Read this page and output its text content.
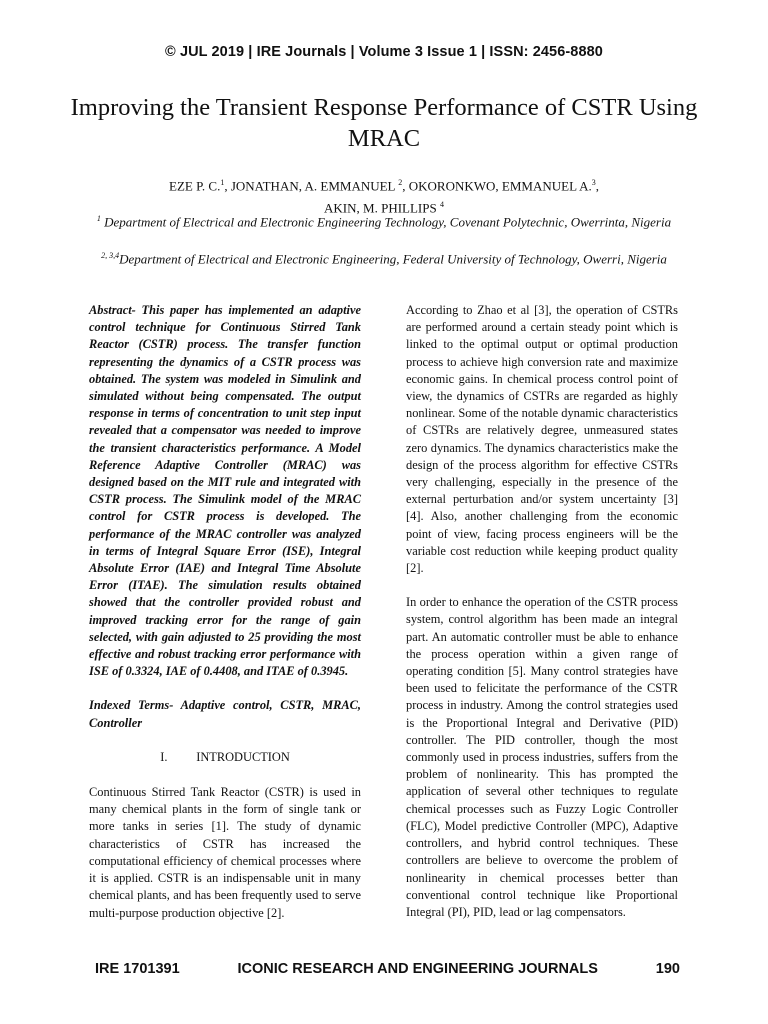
© JUL 2019 | IRE Journals | Volume 3 Issue 1 | ISSN: 2456-8880
Improving the Transient Response Performance of CSTR Using MRAC
EZE P. C.$^1$, JONATHAN, A. EMMANUEL $^2$, OKORONKWO, EMMANUEL A.$^3$,
AKIN, M. PHILLIPS $^4$
$^1$ Department of Electrical and Electronic Engineering Technology, Covenant Polytechnic, Owerrinta, Nigeria
$^{2, 3,4}$Department of Electrical and Electronic Engineering, Federal University of Technology, Owerri, Nigeria

Abstract- This paper has implemented an adaptive control technique for Continuous Stirred Tank Reactor (CSTR) process. The transfer function representing the dynamics of a CSTR process was obtained. The system was modeled in Simulink and simulated without being compensated. The output response in terms of concentration to unit step input revealed that a compensator was needed to improve the transient characteristics performance. A Model Reference Adaptive Controller (MRAC) was designed based on the MIT rule and integrated with CSTR process. The Simulink model of the MRAC control for CSTR process is developed. The performance of the MRAC controller was analyzed in terms of Integral Square Error (ISE), Integral Absolute Error (IAE) and Integral Time Absolute Error (ITAE). The simulation results obtained showed that the controller provided robust and improved tracking error for the range of gain selected, with gain adjusted to 25 providing the most effective and robust tracking error performance with ISE of 0.3324, IAE of 0.4408, and ITAE of 0.3945.

Indexed Terms- Adaptive control, CSTR, MRAC, Controller

I. INTRODUCTION

Continuous Stirred Tank Reactor (CSTR) is used in many chemical plants in the form of single tank or more tanks in series [1]. The study of dynamic characteristics of CSTR has increased the computational efficiency of chemical processes where it is applied. CSTR is an indispensable unit in many chemical plants, and has been frequently used to serve multi-purpose production objective [2].

According to Zhao et al [3], the operation of CSTRs are performed around a certain steady point which is linked to the optimal output or optimal production process to achieve high conversion rate and maximize economic gains. In chemical process control point of view, the dynamics of CSTRs are regarded as highly nonlinear. Some of the notable dynamic characteristics of CSTRs are relatively degree, unmeasured states zero dynamics. The dynamics characteristics make the design of the process algorithm for effective CSTRs very challenging, especially in the presence of the external perturbation and/or system uncertainty [3] [4]. Also, another challenging from the economic point of view, facing process engineers will be the variable cost reduction while keeping product quality [2].

In order to enhance the operation of the CSTR process system, control algorithm has been made an integral part. An automatic controller must be able to enhance the process operation within a given range of operating condition [5]. Many control strategies have been used to felicitate the performance of the CSTR process in industry. Among the control strategies used is the Proportional Integral and Derivative (PID) controller. The PID controller, though the most commonly used in process industries, suffers from the problem of nonlinearity. This has prompted the application of several other techniques to regulate chemical processes such as Fuzzy Logic Controller (FLC), Model predictive Controller (MPC), Adaptive controllers, and hybrid control techniques. These controllers are believe to overcome the problem of nonlinearity in chemical processes better than conventional control technique like Proportional Integral (PI), PID, lead or lag compensators.

IRE 1701391	ICONIC RESEARCH AND ENGINEERING JOURNALS	190
